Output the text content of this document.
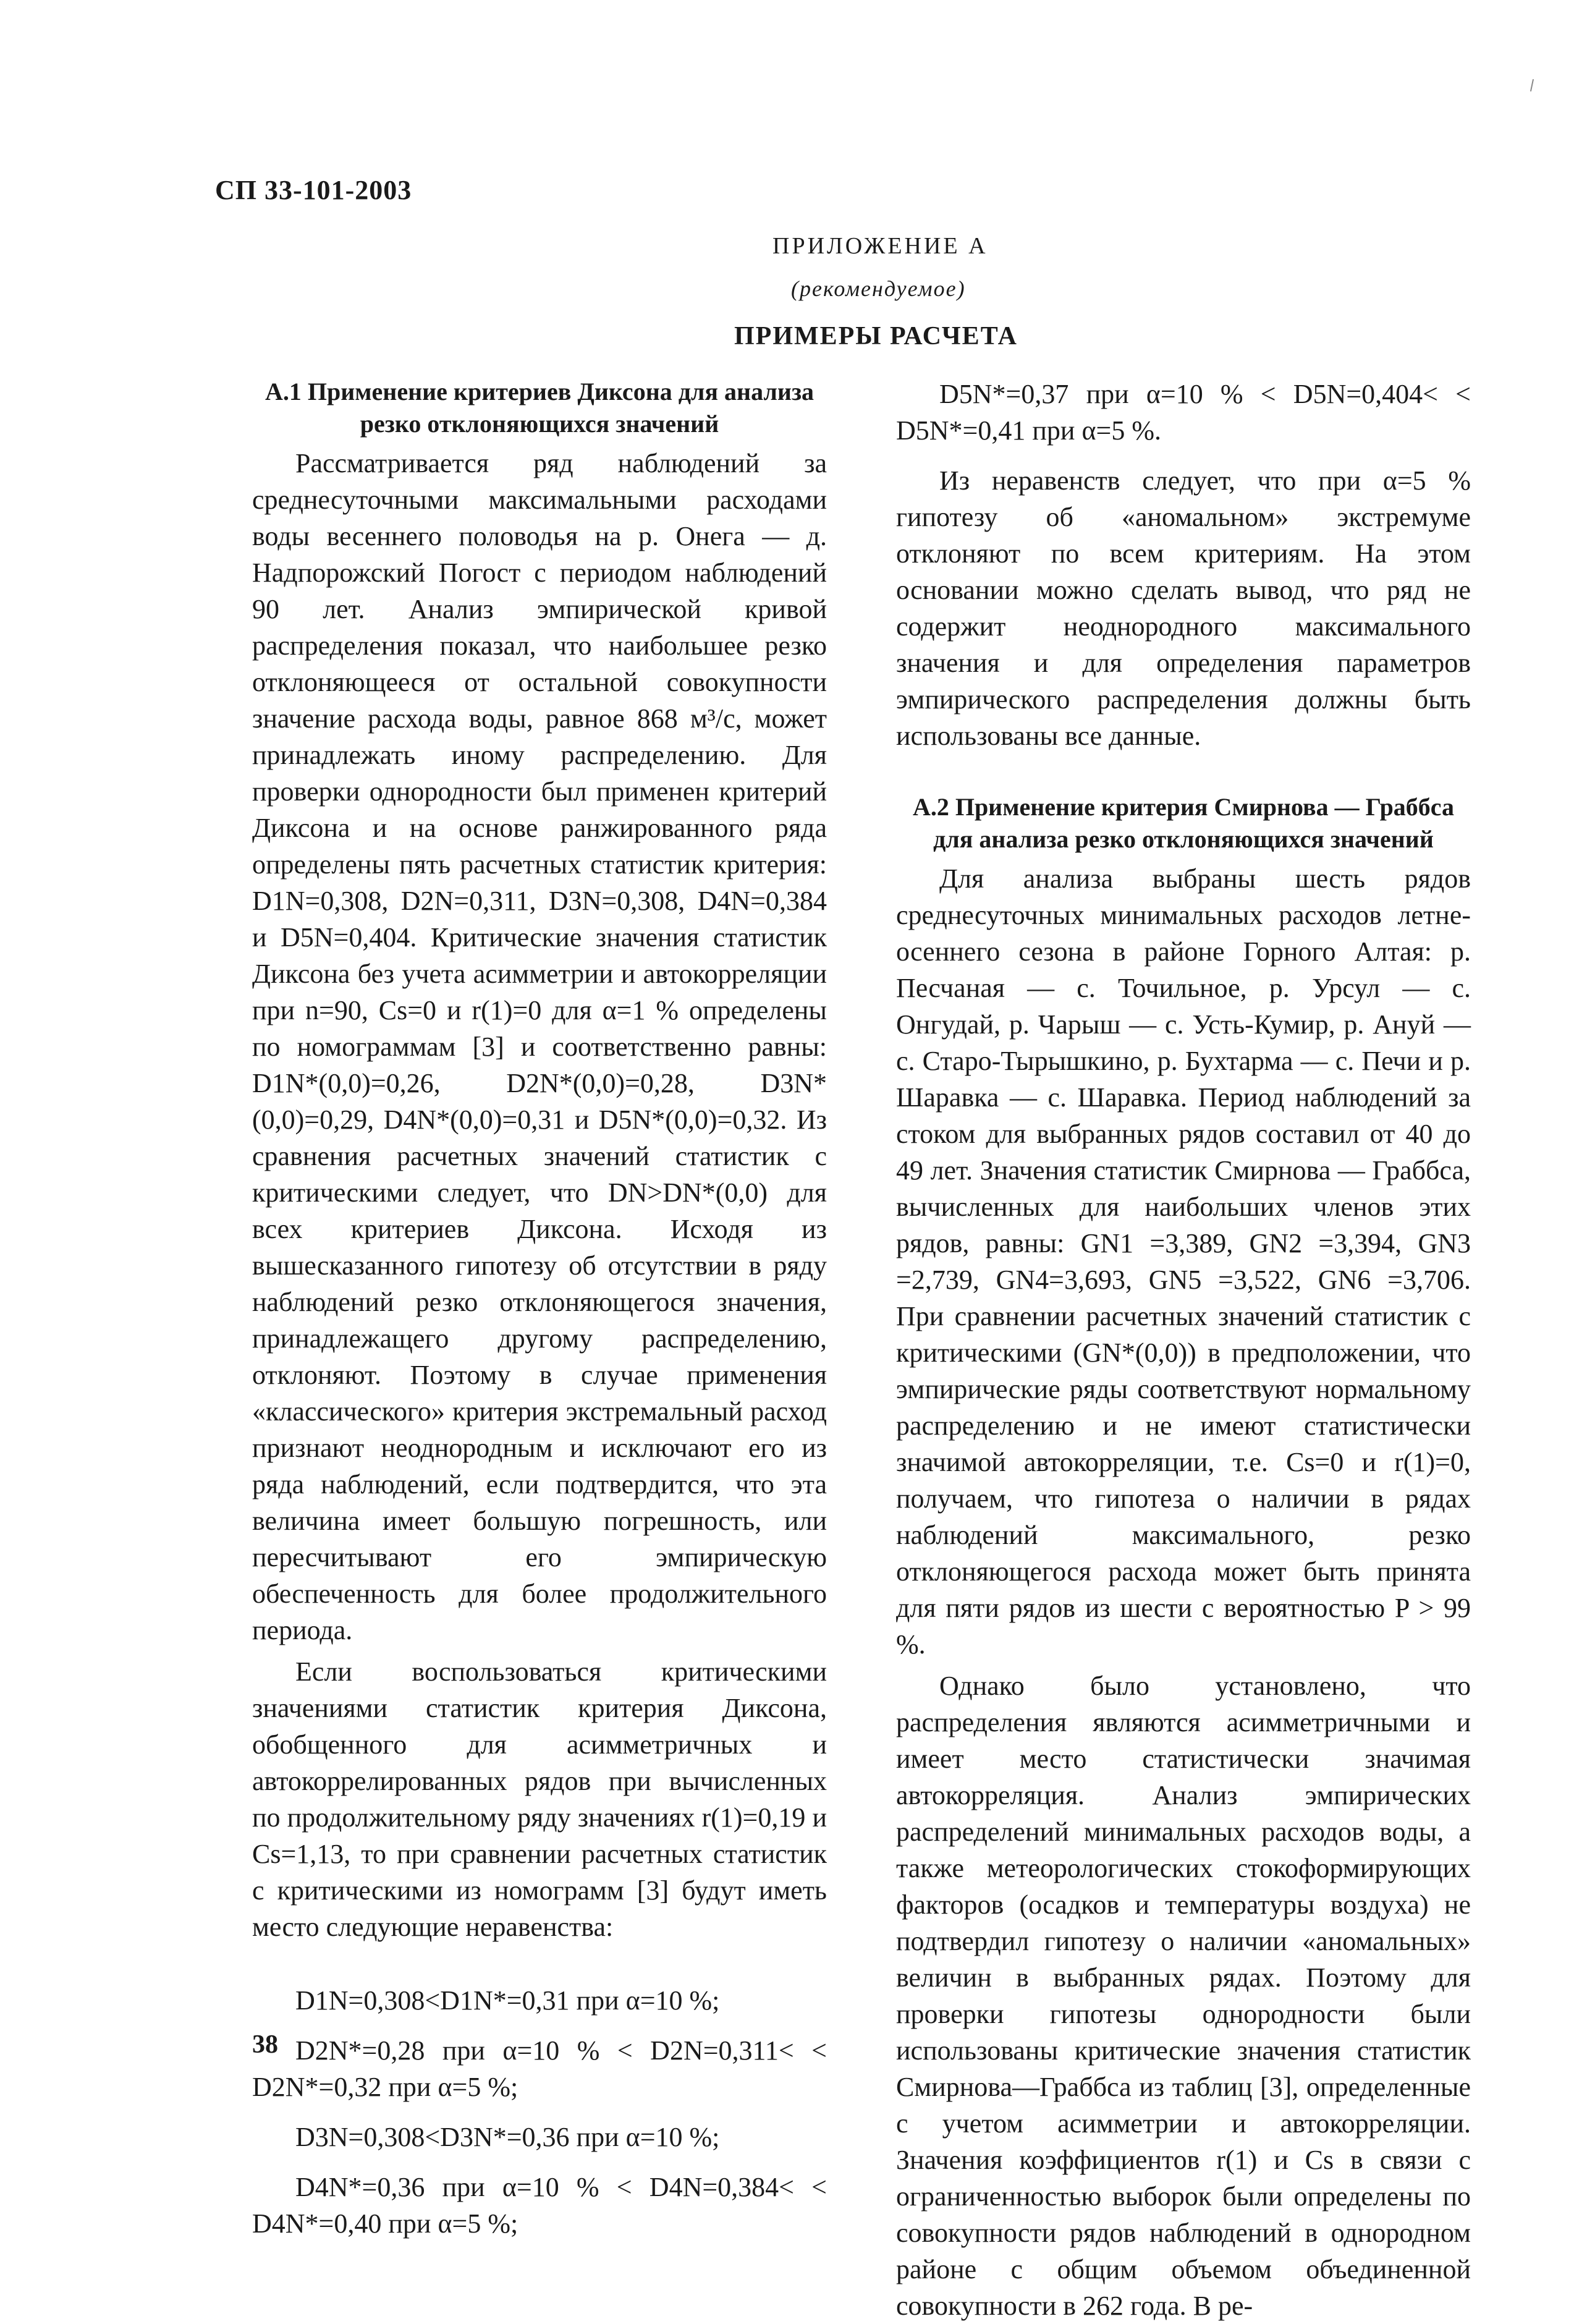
СП 33-101-2003
ПРИЛОЖЕНИЕ А
(рекомендуемое)
ПРИМЕРЫ РАСЧЕТА

А.1 Применение критериев Диксона для анализа резко отклоняющихся значений

Рассматривается ряд наблюдений за среднесуточными максимальными расходами воды весеннего половодья на р. Онега — д. Надпорожский Погост с периодом наблюдений 90 лет. Анализ эмпирической кривой распределения показал, что наибольшее резко отклоняющееся от остальной совокупности значение расхода воды, равное 868 м³/с, может принадлежать иному распределению. Для проверки однородности был применен критерий Диксона и на основе ранжированного ряда определены пять расчетных статистик критерия: D1N=0,308, D2N=0,311, D3N=0,308, D4N=0,384 и D5N=0,404. Критические значения статистик Диксона без учета асимметрии и автокорреляции при n=90, Cs=0 и r(1)=0 для α=1 % определены по номограммам [3] и соответственно равны: D1N*(0,0)=0,26, D2N*(0,0)=0,28, D3N*(0,0)=0,29, D4N*(0,0)=0,31 и D5N*(0,0)=0,32. Из сравнения расчетных значений статистик с критическими следует, что DN>DN*(0,0) для всех критериев Диксона. Исходя из вышесказанного гипотезу об отсутствии в ряду наблюдений резко отклоняющегося значения, принадлежащего другому распределению, отклоняют. Поэтому в случае применения «классического» критерия экстремальный расход признают неоднородным и исключают его из ряда наблюдений, если подтвердится, что эта величина имеет большую погрешность, или пересчитывают его эмпирическую обеспеченность для более продолжительного периода.

Если воспользоваться критическими значениями статистик критерия Диксона, обобщенного для асимметричных и автокоррелированных рядов при вычисленных по продолжительному ряду значениях r(1)=0,19 и Cs=1,13, то при сравнении расчетных статистик с критическими из номограмм [3] будут иметь место следующие неравенства:

D1N=0,308<D1N*=0,31 при α=10 %;

D2N*=0,28 при α=10 % < D2N=0,311< < D2N*=0,32 при α=5 %;

D3N=0,308<D3N*=0,36 при α=10 %;

D4N*=0,36 при α=10 % < D4N=0,384< < D4N*=0,40 при α=5 %;

D5N*=0,37 при α=10 % < D5N=0,404< < D5N*=0,41 при α=5 %.

Из неравенств следует, что при α=5 % гипотезу об «аномальном» экстремуме отклоняют по всем критериям. На этом основании можно сделать вывод, что ряд не содержит неоднородного максимального значения и для определения параметров эмпирического распределения должны быть использованы все данные.

А.2 Применение критерия Смирнова — Граббса для анализа резко отклоняющихся значений

Для анализа выбраны шесть рядов среднесуточных минимальных расходов летне-осеннего сезона в районе Горного Алтая: р. Песчаная — с. Точильное, р. Урсул — с. Онгудай, р. Чарыш — с. Усть-Кумир, р. Ануй — с. Старо-Тырышкино, р. Бухтарма — с. Печи и р. Шаравка — с. Шаравка. Период наблюдений за стоком для выбранных рядов составил от 40 до 49 лет. Значения статистик Смирнова — Граббса, вычисленных для наибольших членов этих рядов, равны: GN1 =3,389, GN2 =3,394, GN3 =2,739, GN4=3,693, GN5 =3,522, GN6 =3,706. При сравнении расчетных значений статистик с критическими (GN*(0,0)) в предположении, что эмпирические ряды соответствуют нормальному распределению и не имеют статистически значимой автокорреляции, т.е. Cs=0 и r(1)=0, получаем, что гипотеза о наличии в рядах наблюдений максимального, резко отклоняющегося расхода может быть принята для пяти рядов из шести с вероятностью P > 99 %.

Однако было установлено, что распределения являются асимметричными и имеет место статистически значимая автокорреляция. Анализ эмпирических распределений минимальных расходов воды, а также метеорологических стокоформирующих факторов (осадков и температуры воздуха) не подтвердил гипотезу о наличии «аномальных» величин в выбранных рядах. Поэтому для проверки гипотезы однородности были использованы критические значения статистик Смирнова—Граббса из таблиц [3], определенные с учетом асимметрии и автокорреляции. Значения коэффициентов r(1) и Cs в связи с ограниченностью выборок были определены по совокупности рядов наблюдений в однородном районе с общим объемом объединенной совокупности в 262 года. В ре-

38
